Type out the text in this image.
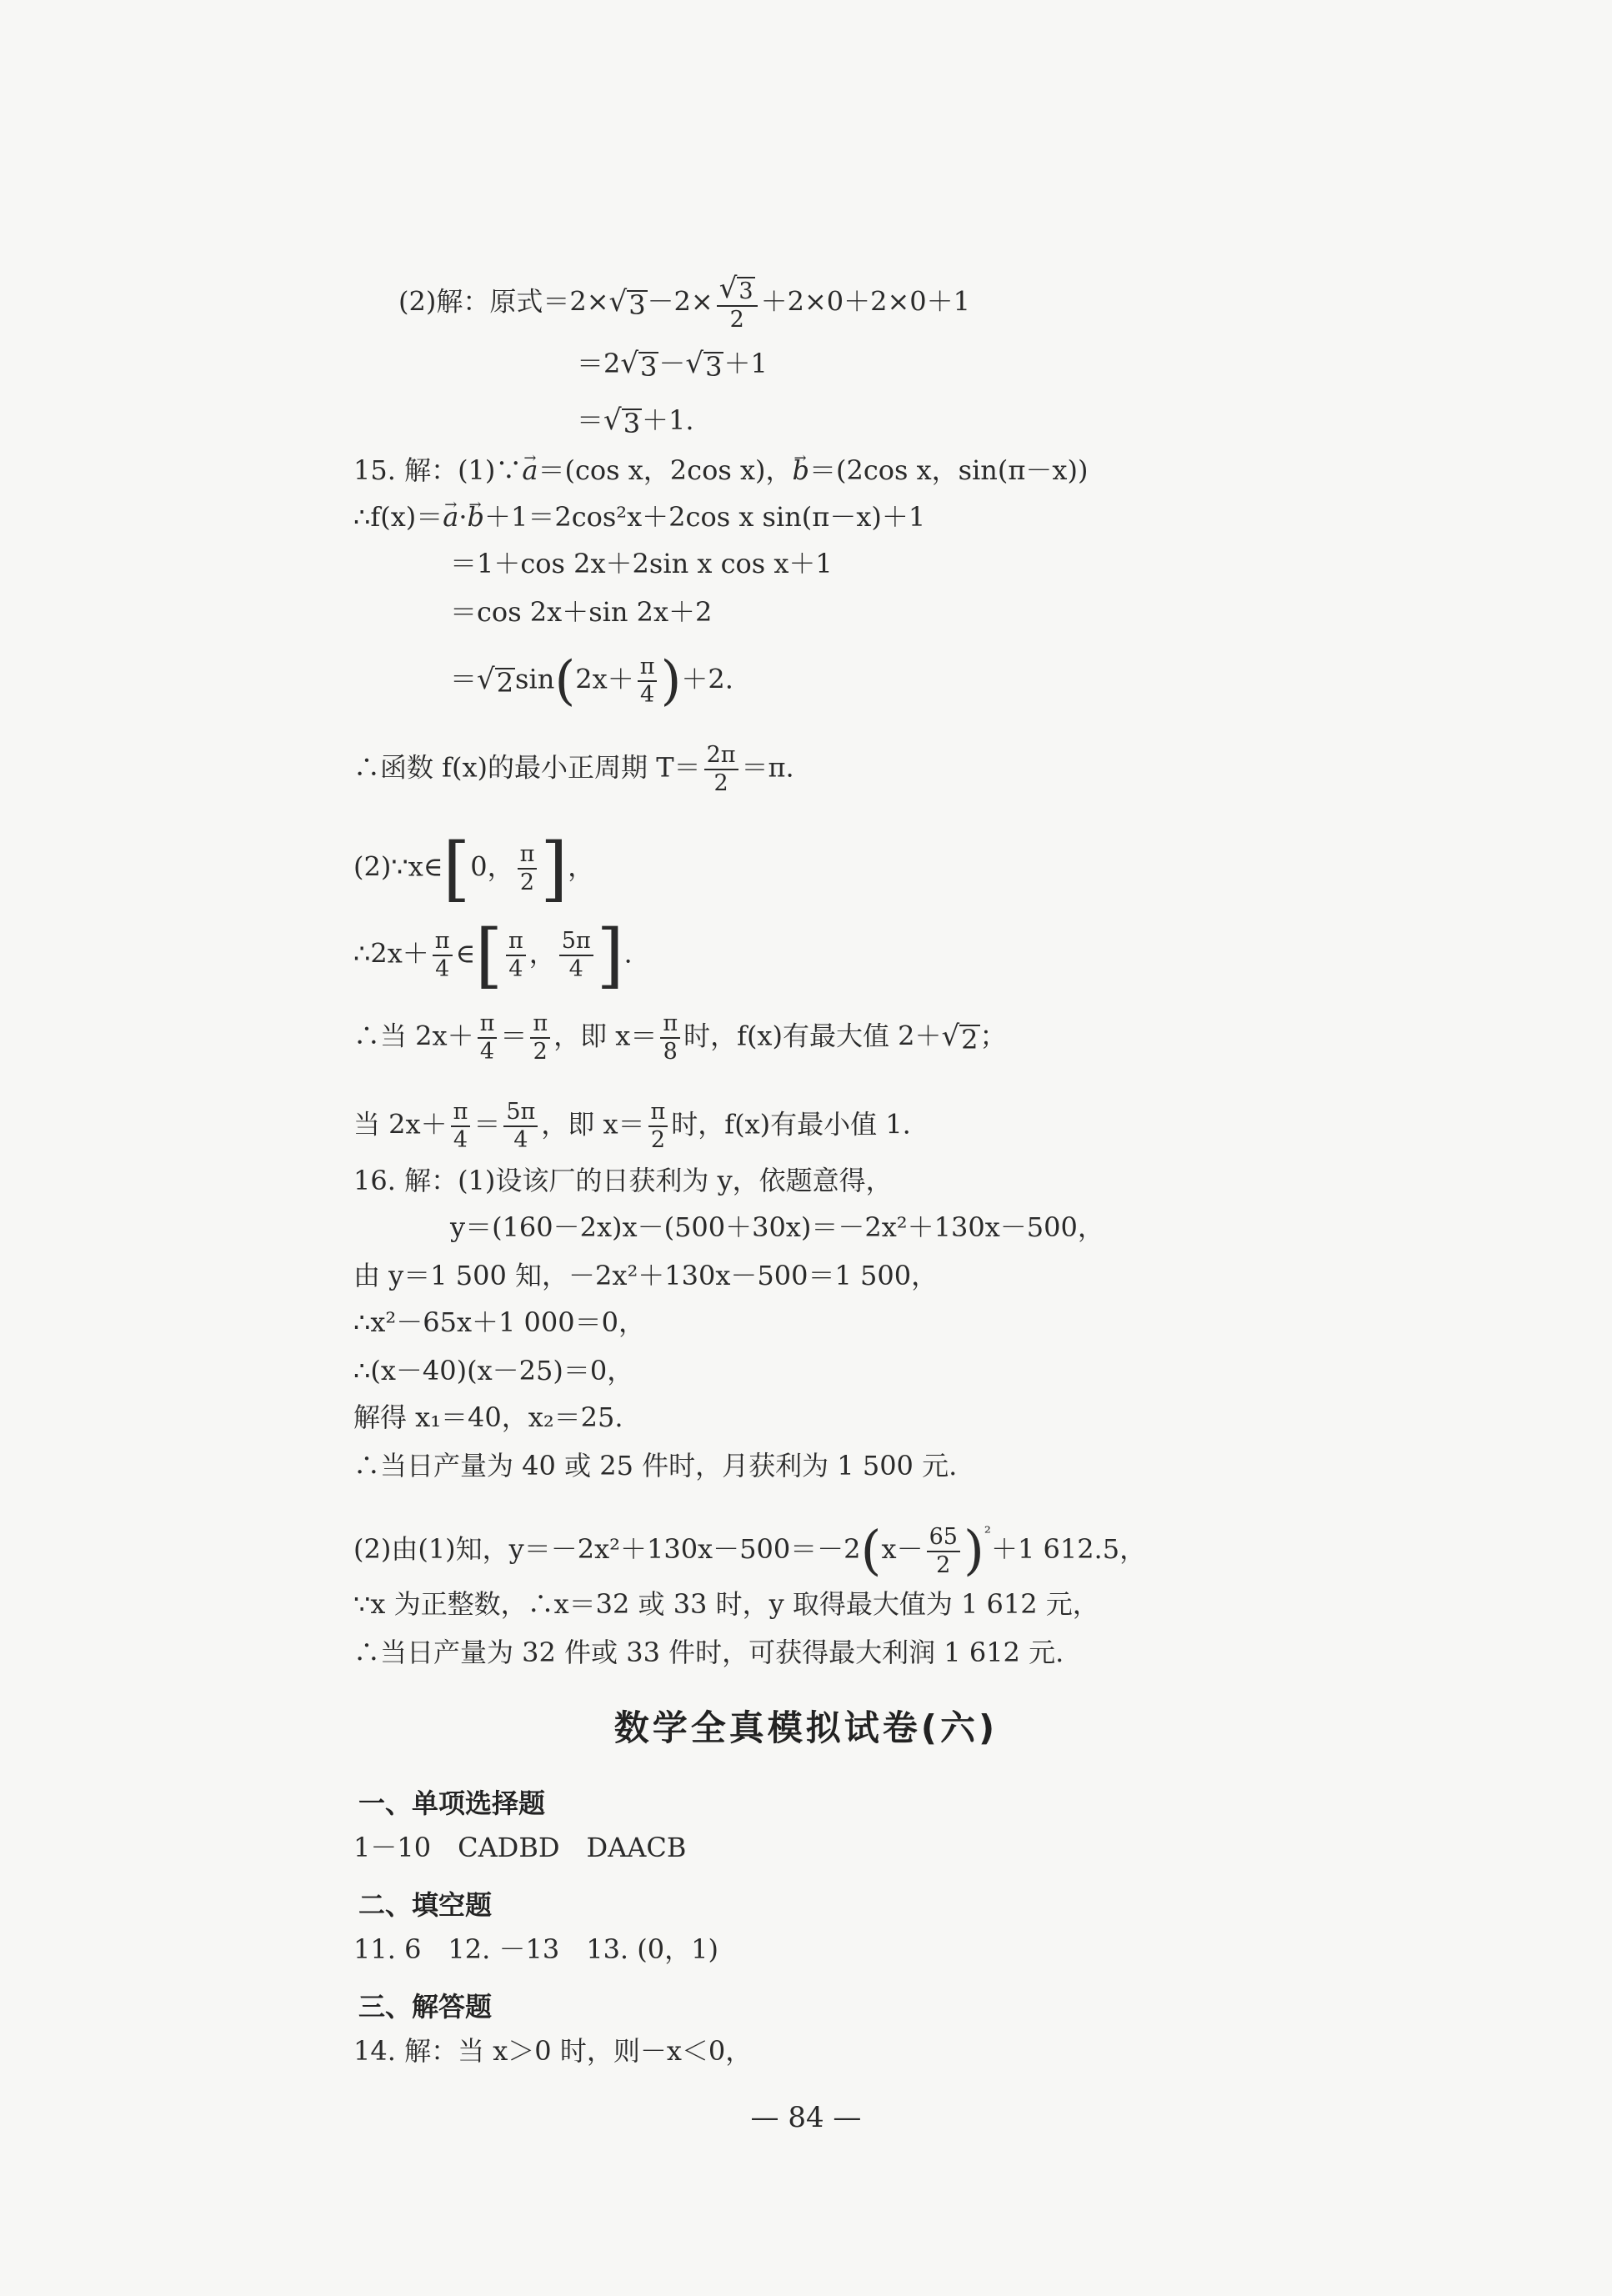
(2)解：原式＝2× √ $3 -2\times \frac{√ 3}{2} +2\times 0+2\times 0+1$
＝2 √ 3 － √ 3 ＋1
＝ √ 3 ＋1.
15. 解：(1)∵→ a＝(cos x，2cos x)，→ b＝(2cos x，sin(π－x))
∴f(x)＝→ a·→ b＋1＝2cos²x＋2cos x sin(π－x)＋1
＝1＋cos 2x＋2sin x cos x＋1
＝cos 2x＋sin 2x＋2
＝ √ 2 $\sin(2x+ \frac{\pi}{4} )+2$.
∴函数 f(x)的最小正周期 $T= \frac{2\pi}{2} =\pi$.
(2)∵x∈[0， $\frac{\pi}{2}$ ]，
∴2x＋ $\frac{\pi}{4}$ ∈[ $\frac{\pi}{4}$ ， $\frac{5\pi}{4}$ ].
∴当 $2x+ \frac{\pi}{4} = \frac{\pi}{2}$ ，即 $x= \frac{\pi}{8}$ 时，f(x)有最大值 2＋ √ 2 ；
当 $2x+ \frac{\pi}{4} = \frac{5\pi}{4}$ ，即 $x= \frac{\pi}{2}$ 时，f(x)有最小值 1.
16. 解：(1)设该厂的日获利为 y，依题意得，
y＝(160－2x)x－(500＋30x)＝－2x²＋130x－500，
由 y＝1 500 知，－2x²＋130x－500＝1 500，
∴x²－65x＋1 000＝0，
∴(x－40)(x－25)＝0，
解得 x₁＝40，x₂＝25.
∴当日产量为 40 或 25 件时，月获利为 1 500 元.
(2)由(1)知，$y=-2x^2+130x-500=-2(x- \frac{65}{2} )^{^2}+1$ 612.5，
∵x 为正整数，∴x＝32 或 33 时，y 取得最大值为 1 612 元，
∴当日产量为 32 件或 33 件时，可获得最大利润 1 612 元.
数学全真模拟试卷(六)
一、单项选择题
1－10　CADBD　DAACB
二、填空题
11. 6　12. －13　13. (0，1)
三、解答题
14. 解：当 x＞0 时，则－x＜0，
— 84 —
